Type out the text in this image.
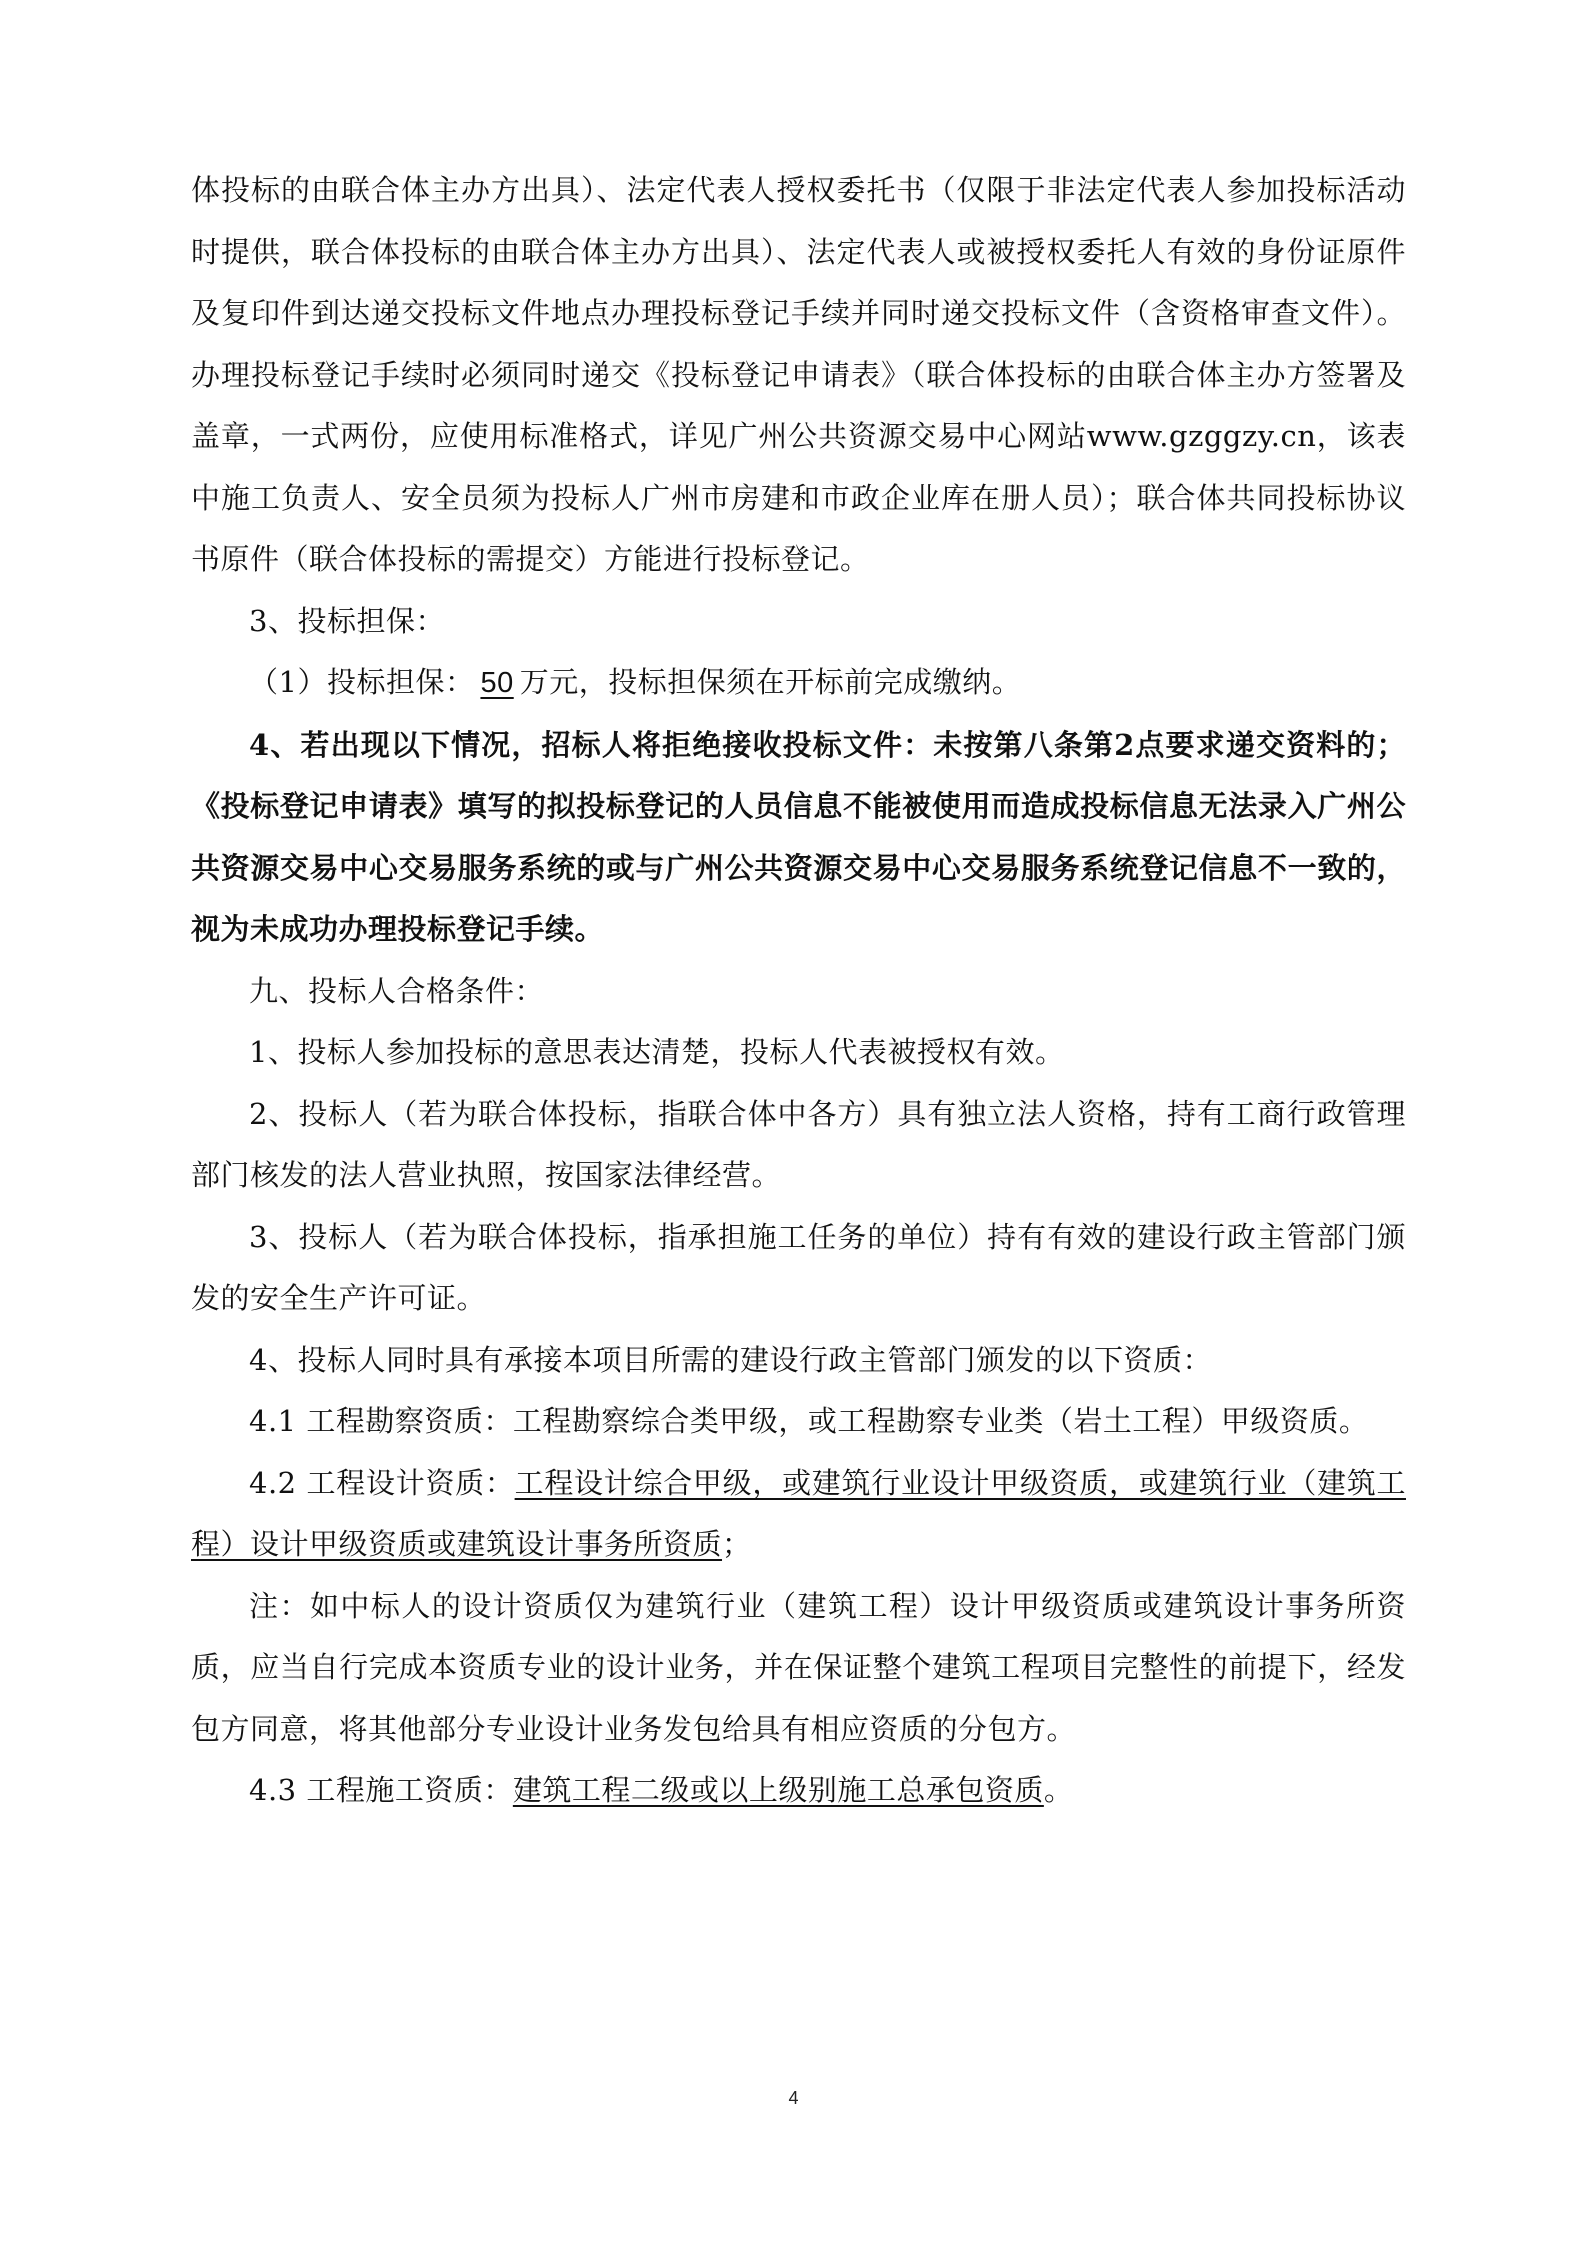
体投标的由联合体主办方出具）、法定代表人授权委托书（仅限于非法定代表人参加投标活动时提供，联合体投标的由联合体主办方出具）、法定代表人或被授权委托人有效的身份证原件及复印件到达递交投标文件地点办理投标登记手续并同时递交投标文件（含资格审查文件）。办理投标登记手续时必须同时递交《投标登记申请表》（联合体投标的由联合体主办方签署及盖章，一式两份，应使用标准格式，详见广州公共资源交易中心网站www.gzggzy.cn，该表中施工负责人、安全员须为投标人广州市房建和市政企业库在册人员）；联合体共同投标协议书原件（联合体投标的需提交）方能进行投标登记。

3、投标担保：

（1）投标担保： 50 万元，投标担保须在开标前完成缴纳。

4、若出现以下情况，招标人将拒绝接收投标文件：未按第八条第2点要求递交资料的；《投标登记申请表》填写的拟投标登记的人员信息不能被使用而造成投标信息无法录入广州公共资源交易中心交易服务系统的或与广州公共资源交易中心交易服务系统登记信息不一致的，视为未成功办理投标登记手续。

九、投标人合格条件：

1、投标人参加投标的意思表达清楚，投标人代表被授权有效。

2、投标人（若为联合体投标，指联合体中各方）具有独立法人资格，持有工商行政管理部门核发的法人营业执照，按国家法律经营。

3、投标人（若为联合体投标，指承担施工任务的单位）持有有效的建设行政主管部门颁发的安全生产许可证。

4、投标人同时具有承接本项目所需的建设行政主管部门颁发的以下资质：

4.1 工程勘察资质：工程勘察综合类甲级，或工程勘察专业类（岩土工程）甲级资质。

4.2 工程设计资质：工程设计综合甲级，或建筑行业设计甲级资质，或建筑行业（建筑工程）设计甲级资质或建筑设计事务所资质；

注：如中标人的设计资质仅为建筑行业（建筑工程）设计甲级资质或建筑设计事务所资质，应当自行完成本资质专业的设计业务，并在保证整个建筑工程项目完整性的前提下，经发包方同意，将其他部分专业设计业务发包给具有相应资质的分包方。

4.3 工程施工资质：建筑工程二级或以上级别施工总承包资质。

4
